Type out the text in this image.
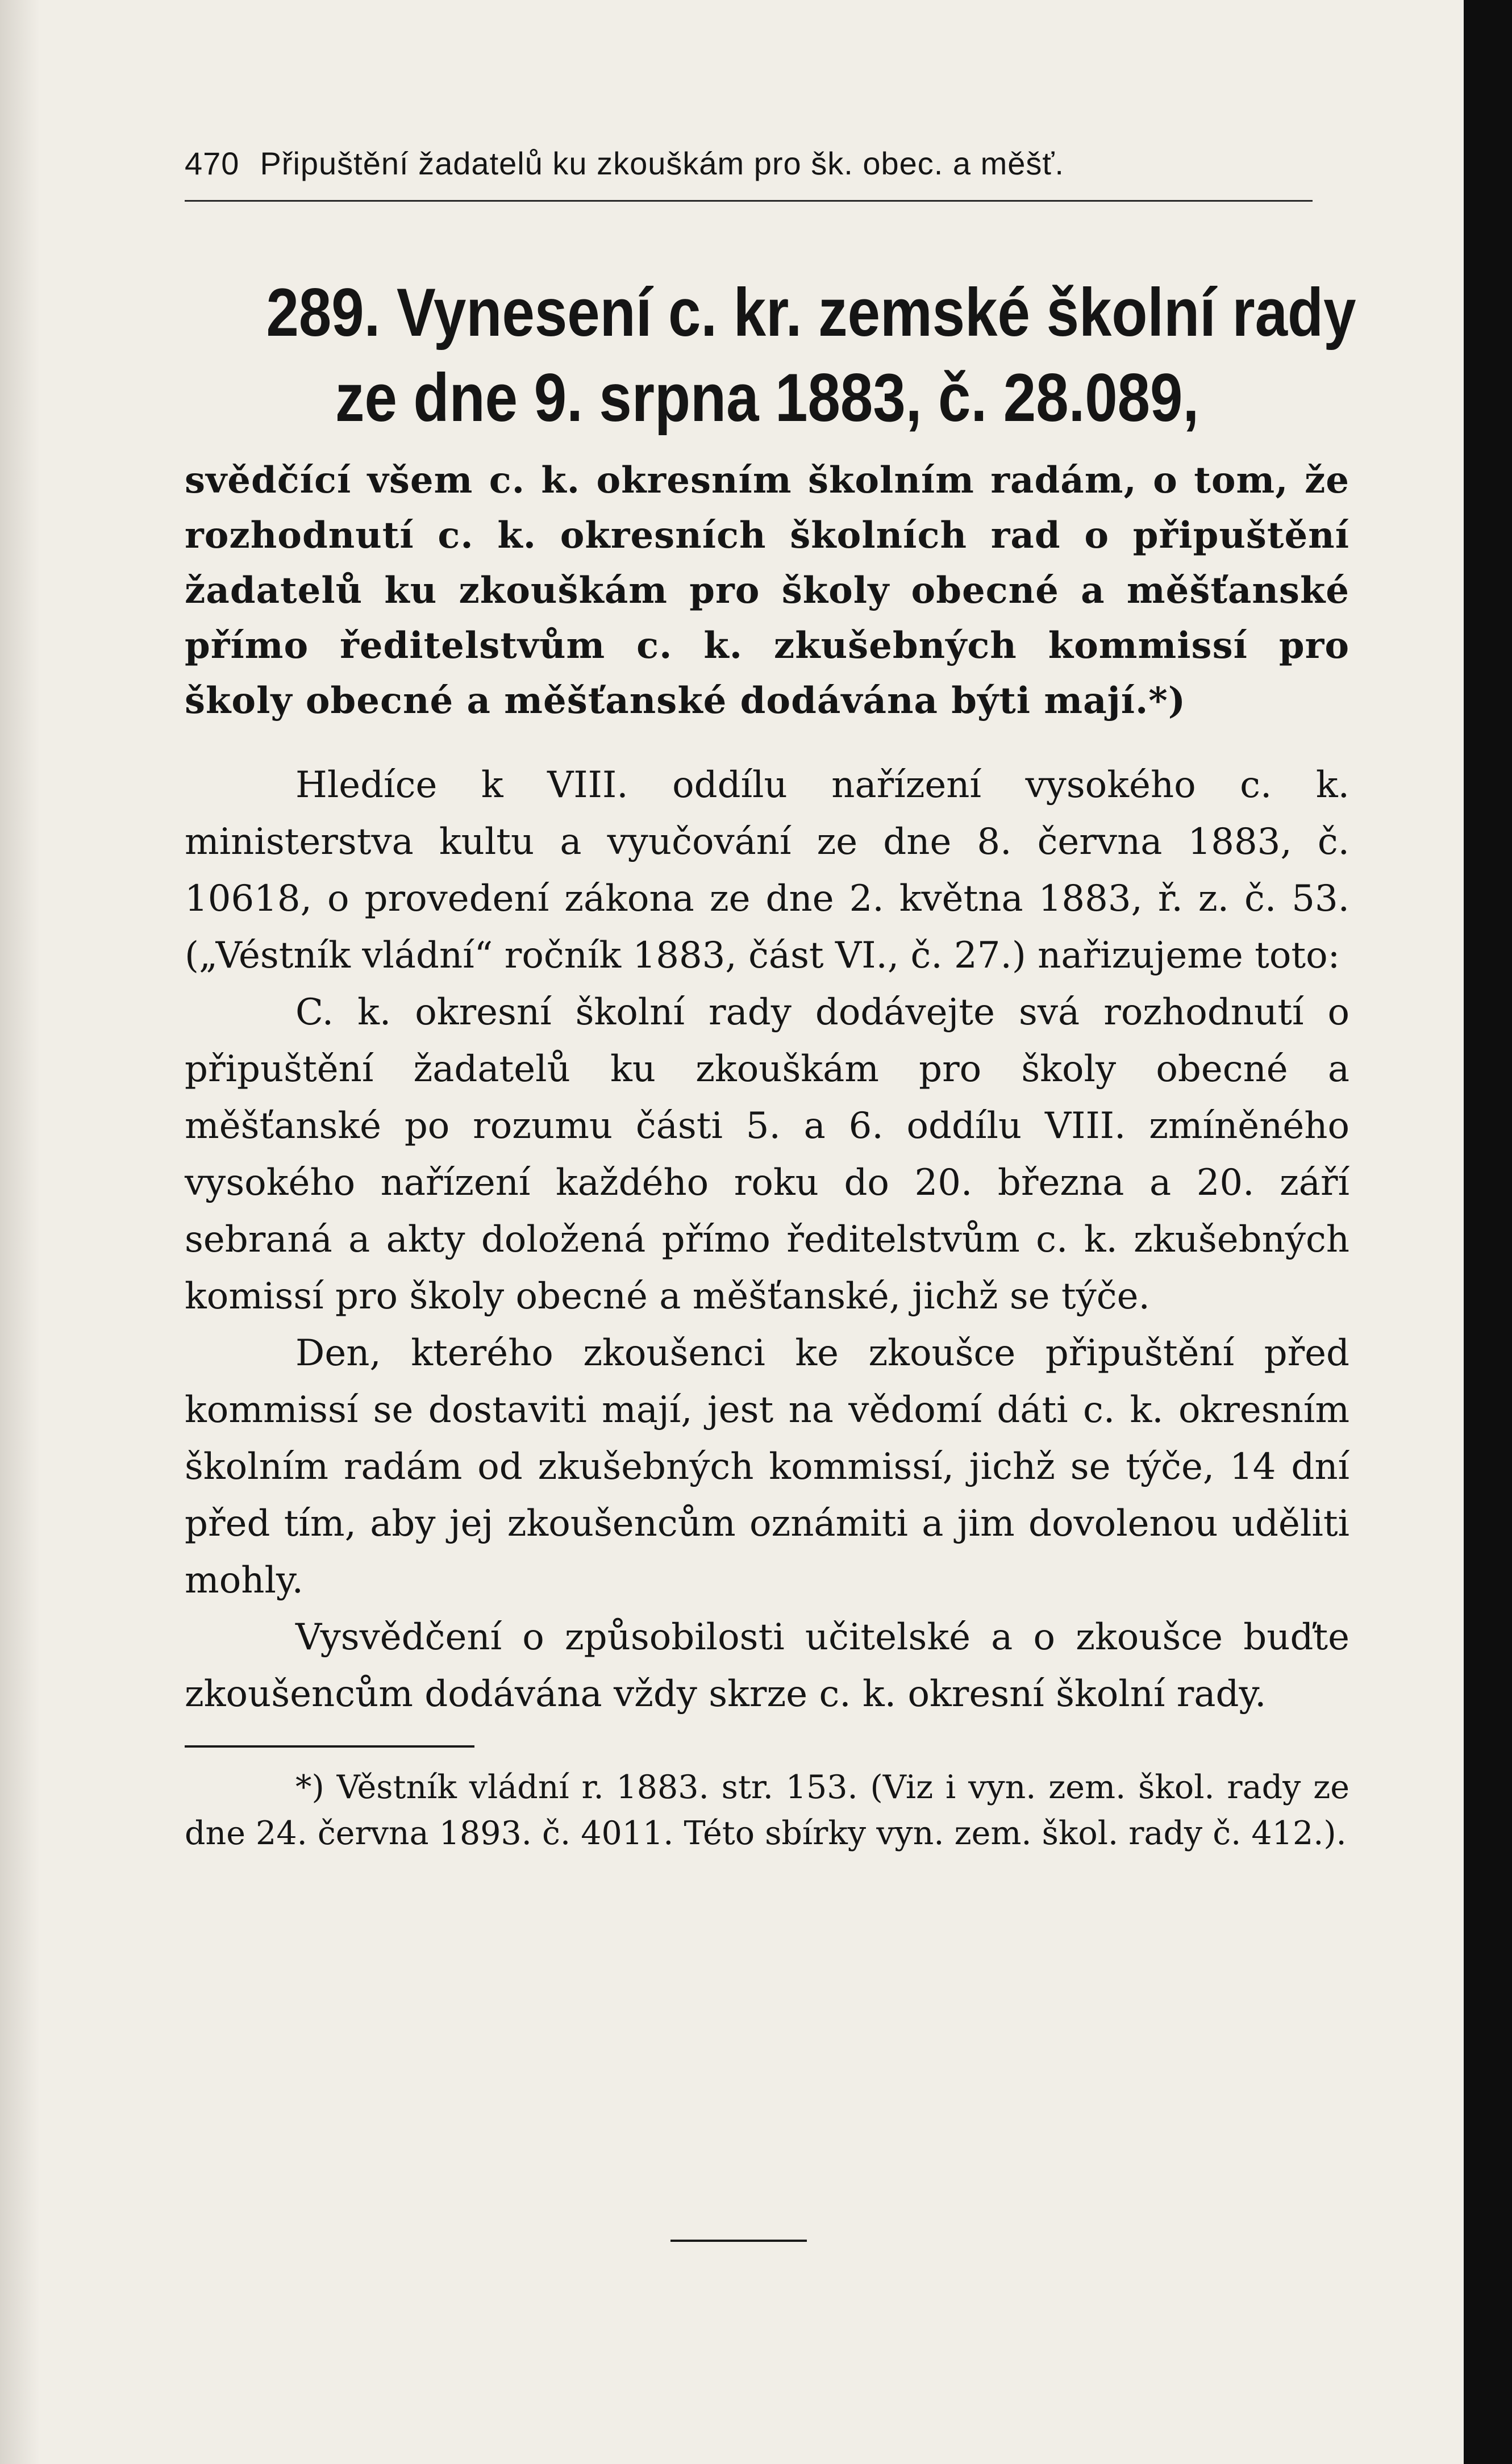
470 Připuštění žadatelů ku zkouškám pro šk. obec. a měšť.
289. Vynesení c. kr. zemské školní rady
ze dne 9. srpna 1883, č. 28.089,
svědčící všem c. k. okresním školním radám, o tom, že rozhodnutí c. k. okresních školních rad o připuštění žadatelů ku zkouškám pro školy obecné a měšťanské přímo ředitelstvům c. k. zkušebných kommissí pro školy obecné a měšťanské dodávána býti mají.*)

Hledíce k VIII. oddílu nařízení vysokého c. k. ministerstva kultu a vyučování ze dne 8. června 1883, č. 10618, o provedení zákona ze dne 2. května 1883, ř. z. č. 53. („Véstník vládní“ ročník 1883, část VI., č. 27.) nařizujeme toto:

C. k. okresní školní rady dodávejte svá rozhodnutí o připuštění žadatelů ku zkouškám pro školy obecné a měšťanské po rozumu části 5. a 6. oddílu VIII. zmíněného vysokého nařízení každého roku do 20. března a 20. září sebraná a akty doložená přímo ředitelstvům c. k. zkušebných komissí pro školy obecné a měšťanské, jichž se týče.

Den, kterého zkoušenci ke zkoušce připuštění před kommissí se dostaviti mají, jest na vědomí dáti c. k. okresním školním radám od zkušebných kommissí, jichž se týče, 14 dní před tím, aby jej zkoušencům oznámiti a jim dovolenou uděliti mohly.

Vysvědčení o způsobilosti učitelské a o zkoušce buďte zkoušencům dodávána vždy skrze c. k. okresní školní rady.

*) Věstník vládní r. 1883. str. 153. (Viz i vyn. zem. škol. rady ze dne 24. června 1893. č. 4011. Této sbírky vyn. zem. škol. rady č. 412.).
